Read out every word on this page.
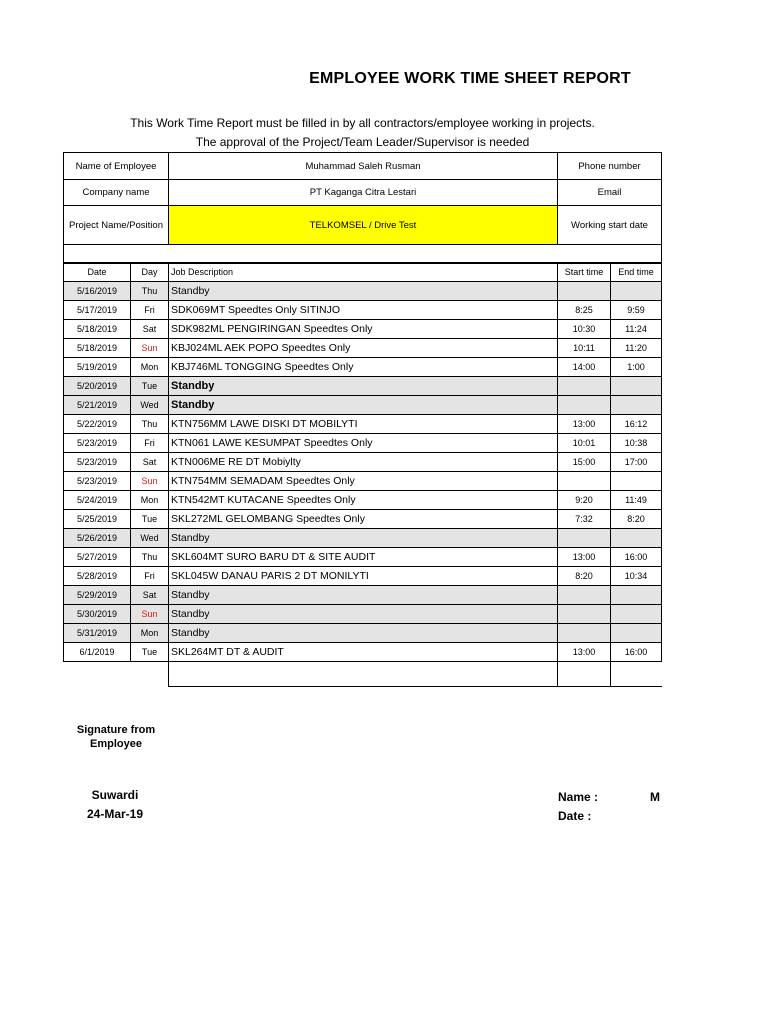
EMPLOYEE WORK TIME SHEET REPORT
This Work Time Report must be filled in by all contractors/employee working in projects.
The approval of the Project/Team Leader/Supervisor is needed
Name of Employee	Muhammad Saleh Rusman	Phone number
Company name	PT Kaganga Citra Lestari	Email
Project Name/Position	TELKOMSEL / Drive Test	Working start date

Date	Day	Job Description	Start time	End time
5/16/2019	Thu	Standby		
5/17/2019	Fri	SDK069MT Speedtes Only SITINJO	8:25	9:59
5/18/2019	Sat	SDK982ML PENGIRINGAN Speedtes Only	10:30	11:24
5/18/2019	Sun	KBJ024ML AEK POPO Speedtes Only	10:11	11:20
5/19/2019	Mon	KBJ746ML TONGGING Speedtes Only	14:00	1:00
5/20/2019	Tue	Standby		
5/21/2019	Wed	Standby		
5/22/2019	Thu	KTN756MM LAWE DISKI DT MOBILYTI	13:00	16:12
5/23/2019	Fri	KTN061 LAWE KESUMPAT Speedtes Only	10:01	10:38
5/23/2019	Sat	KTN006ME RE DT Mobiylty	15:00	17:00
5/23/2019	Sun	KTN754MM SEMADAM Speedtes Only		
5/24/2019	Mon	KTN542MT KUTACANE Speedtes Only	9:20	11:49
5/25/2019	Tue	SKL272ML GELOMBANG Speedtes Only	7:32	8:20
5/26/2019	Wed	Standby		
5/27/2019	Thu	SKL604MT SURO BARU DT & SITE AUDIT	13:00	16:00
5/28/2019	Fri	SKL045W DANAU PARIS 2 DT MONILYTI	8:20	10:34
5/29/2019	Sat	Standby		
5/30/2019	Sun	Standby		
5/31/2019	Mon	Standby		
6/1/2019	Tue	SKL264MT DT & AUDIT	13:00	16:00

Signature from Employee
Suwardi
24-Mar-19
Name :	M
Date :
